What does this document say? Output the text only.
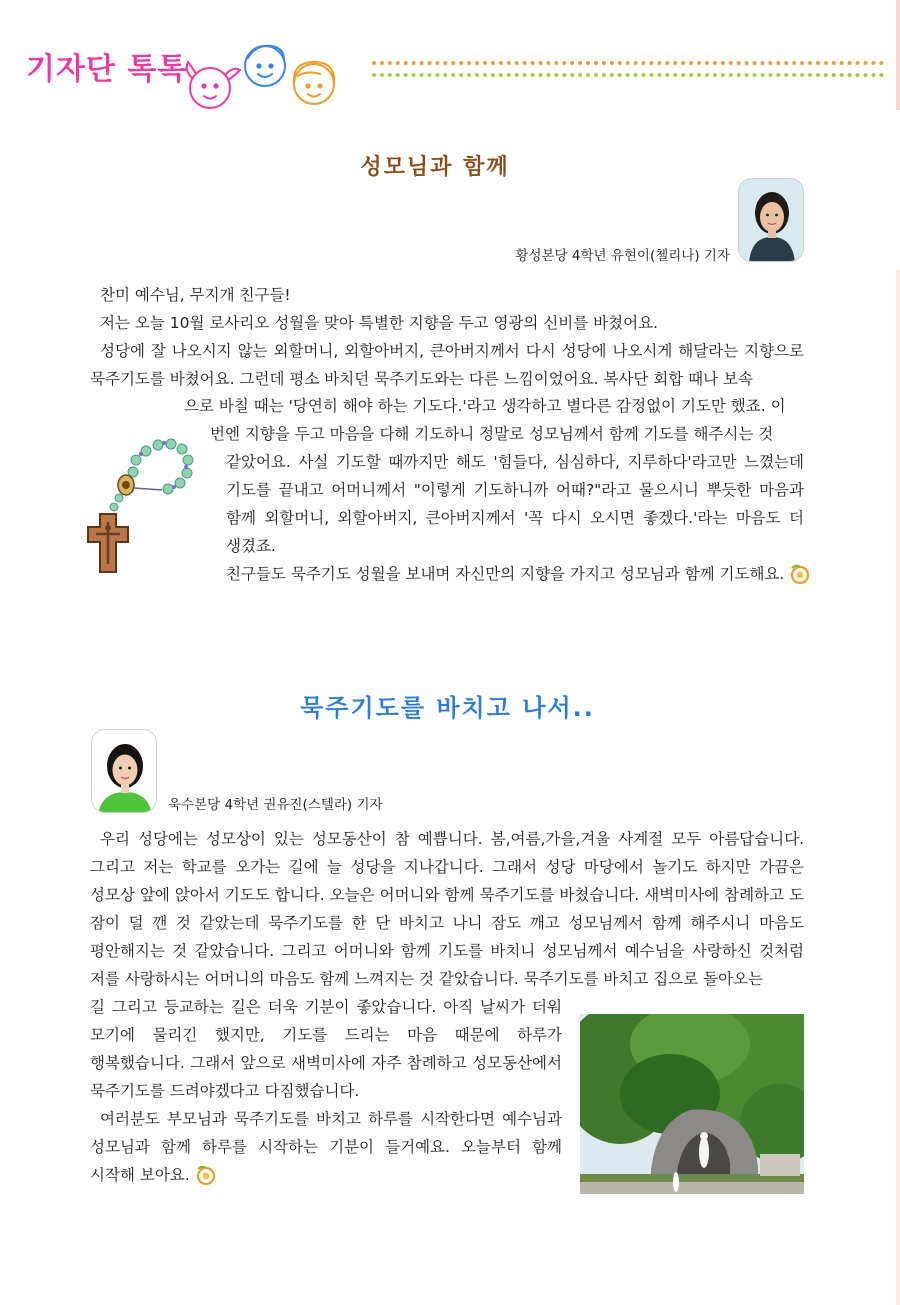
기자단 톡톡
성모님과 함께
황성본당 4학년 유현이(첼리나) 기자

찬미 예수님, 무지개 친구들!

저는 오늘 10월 로사리오 성월을 맞아 특별한 지향을 두고 영광의 신비를 바쳤어요.

성당에 잘 나오시지 않는 외할머니, 외할아버지, 큰아버지께서 다시 성당에 나오시게 해달라는 지향으로 묵주기도를 바쳤어요. 그런데 평소 바치던 묵주기도와는 다른 느낌이었어요. 복사단 회합 때나 보속

으로 바칠 때는 '당연히 해야 하는 기도다.'라고 생각하고 별다른 감정없이 기도만 했죠. 이
번엔 지향을 두고 마음을 다해 기도하니 정말로 성모님께서 함께 기도를 해주시는 것
같았어요. 사실 기도할 때까지만 해도 '힘들다, 심심하다, 지루하다'라고만 느꼈는데 기도를 끝내고 어머니께서 "이렇게 기도하니까 어때?"라고 물으시니 뿌듯한 마음과 함께 외할머니, 외할아버지, 큰아버지께서 '꼭 다시 오시면 좋겠다.'라는 마음도 더 생겼죠.
친구들도 묵주기도 성월을 보내며 자신만의 지향을 가지고 성모님과 함께 기도해요.
묵주기도를 바치고 나서..
욱수본당 4학년 권유진(스텔라) 기자

우리 성당에는 성모상이 있는 성모동산이 참 예쁩니다. 봄,여름,가을,겨울 사계절 모두 아름답습니다. 그리고 저는 학교를 오가는 길에 늘 성당을 지나갑니다. 그래서 성당 마당에서 놀기도 하지만 가끔은 성모상 앞에 앉아서 기도도 합니다. 오늘은 어머니와 함께 묵주기도를 바쳤습니다. 새벽미사에 참례하고 도 잠이 덜 깬 것 같았는데 묵주기도를 한 단 바치고 나니 잠도 깨고 성모님께서 함께 해주시니 마음도 평안해지는 것 같았습니다. 그리고 어머니와 함께 기도를 바치니 성모님께서 예수님을 사랑하신 것처럼 저를 사랑하시는 어머니의 마음도 함께 느껴지는 것 같았습니다. 묵주기도를 바치고 집으로 돌아오는

길 그리고 등교하는 길은 더욱 기분이 좋았습니다. 아직 날씨가 더워 모기에 물리긴 했지만, 기도를 드리는 마음 때문에 하루가 행복했습니다. 그래서 앞으로 새벽미사에 자주 참례하고 성모동산에서 묵주기도를 드려야겠다고 다짐했습니다.

여러분도 부모님과 묵주기도를 바치고 하루를 시작한다면 예수님과 성모님과 함께 하루를 시작하는 기분이 들거예요. 오늘부터 함께 시작해 보아요.
